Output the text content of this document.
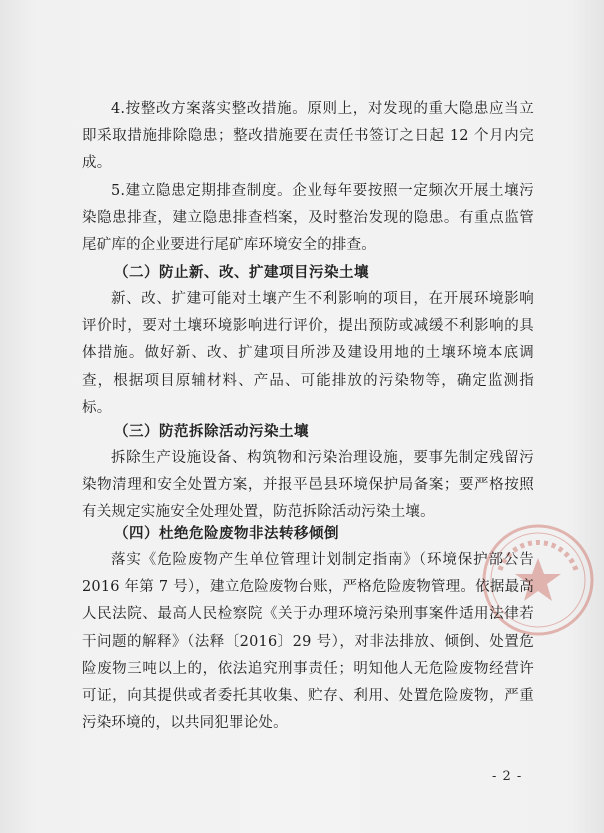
4.按整改方案落实整改措施。原则上，对发现的重大隐患应当立即采取措施排除隐患；整改措施要在责任书签订之日起 12 个月内完成。

5.建立隐患定期排查制度。企业每年要按照一定频次开展土壤污染隐患排查，建立隐患排查档案，及时整治发现的隐患。有重点监管尾矿库的企业要进行尾矿库环境安全的排查。

（二）防止新、改、扩建项目污染土壤

新、改、扩建可能对土壤产生不利影响的项目，在开展环境影响评价时，要对土壤环境影响进行评价，提出预防或减缓不利影响的具体措施。做好新、改、扩建项目所涉及建设用地的土壤环境本底调查，根据项目原辅材料、产品、可能排放的污染物等，确定监测指标。

（三）防范拆除活动污染土壤

拆除生产设施设备、构筑物和污染治理设施，要事先制定残留污染物清理和安全处置方案，并报平邑县环境保护局备案；要严格按照有关规定实施安全处理处置，防范拆除活动污染土壤。

（四）杜绝危险废物非法转移倾倒

落实《危险废物产生单位管理计划制定指南》（环境保护部公告 2016 年第 7 号），建立危险废物台账，严格危险废物管理。依据最高人民法院、最高人民检察院《关于办理环境污染刑事案件适用法律若干问题的解释》（法释〔2016〕29 号），对非法排放、倾倒、处置危险废物三吨以上的，依法追究刑事责任；明知他人无危险废物经营许可证，向其提供或者委托其收集、贮存、利用、处置危险废物，严重污染环境的，以共同犯罪论处。

- 2 -
